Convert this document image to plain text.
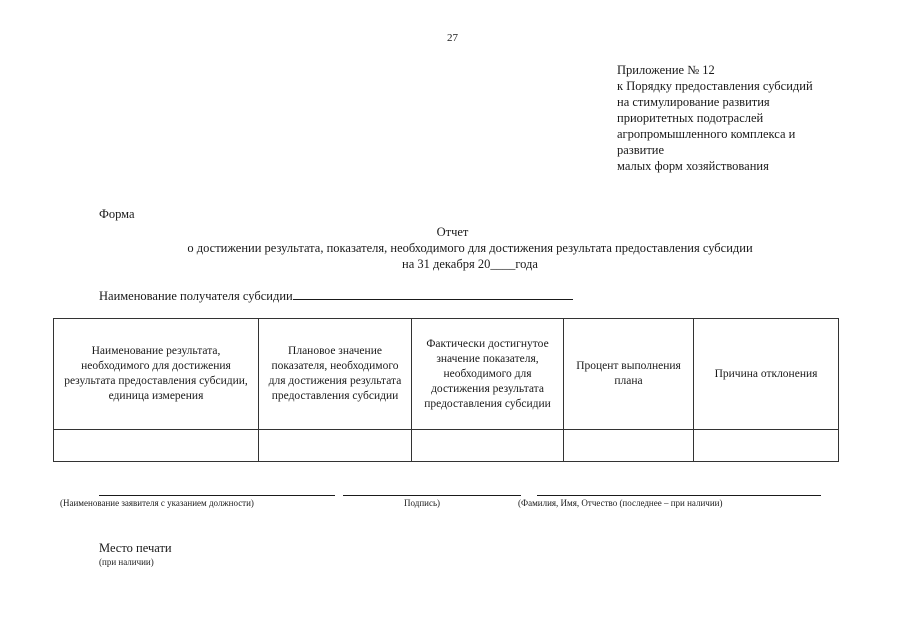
27
Приложение № 12
к Порядку предоставления субсидий
на стимулирование развития
приоритетных подотраслей
агропромышленного комплекса и
развитие
малых форм хозяйствования
Форма
Отчет
о достижении результата, показателя, необходимого для достижения результата предоставления субсидии
на 31 декабря 20____года
Наименование получателя субсидии
Наименование результата, необходимого для достижения результата предоставления субсидии, единица измерения	Плановое значение показателя, необходимого для достижения результата предоставления субсидии	Фактически достигнутое значение показателя, необходимого для достижения результата предоставления субсидии	Процент выполнения плана	Причина отклонения

(Наименование заявителя с указанием должности)	Подпись)	(Фамилия, Имя, Отчество (последнее – при наличии)
Место печати
(при наличии)
